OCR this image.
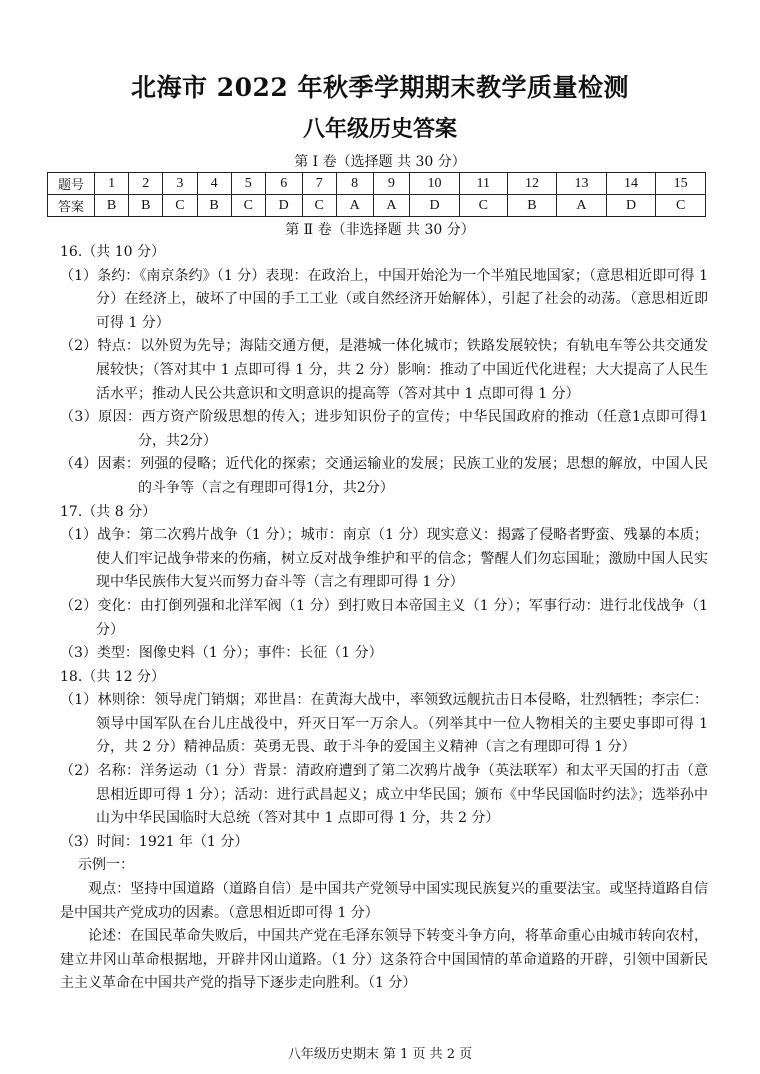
北海市 2022 年秋季学期期末教学质量检测
八年级历史答案
第 Ⅰ 卷（选择题 共 30 分）
题号	1	2	3	4	5	6	7	8	9	10	11	12	13	14	15
答案	B	B	C	B	C	D	C	A	A	D	C	B	A	D	C
第 Ⅱ 卷（非选择题 共 30 分）
16.（共 10 分）
（1）条约：《南京条约》（1 分）表现：在政治上，中国开始沦为一个半殖民地国家；（意思相近即可得 1 分）在经济上，破坏了中国的手工工业（或自然经济开始解体），引起了社会的动荡。（意思相近即可得 1 分）
（2）特点：以外贸为先导；海陆交通方便，是港城一体化城市；铁路发展较快；有轨电车等公共交通发展较快；（答对其中 1 点即可得 1 分，共 2 分）影响：推动了中国近代化进程；大大提高了人民生活水平；推动人民公共意识和文明意识的提高等（答对其中 1 点即可得 1 分）
（3）原因：西方资产阶级思想的传入；进步知识份子的宣传；中华民国政府的推动（任意1点即可得1分，共2分）
（4）因素：列强的侵略；近代化的探索；交通运输业的发展；民族工业的发展；思想的解放，中国人民的斗争等（言之有理即可得1分，共2分）
17.（共 8 分）
（1）战争：第二次鸦片战争（1 分）；城市：南京（1 分）现实意义：揭露了侵略者野蛮、残暴的本质；使人们牢记战争带来的伤痛，树立反对战争维护和平的信念；警醒人们勿忘国耻；激励中国人民实现中华民族伟大复兴而努力奋斗等（言之有理即可得 1 分）
（2）变化：由打倒列强和北洋军阀（1 分）到打败日本帝国主义（1 分）；军事行动：进行北伐战争（1 分）
（3）类型：图像史料（1 分）；事件：长征（1 分）
18.（共 12 分）
（1）林则徐：领导虎门销烟；邓世昌：在黄海大战中，率领致远舰抗击日本侵略，壮烈牺牲；李宗仁：领导中国军队在台儿庄战役中，歼灭日军一万余人。（列举其中一位人物相关的主要史事即可得 1 分，共 2 分）精神品质：英勇无畏、敢于斗争的爱国主义精神（言之有理即可得 1 分）
（2）名称：洋务运动（1 分）背景：清政府遭到了第二次鸦片战争（英法联军）和太平天国的打击（意思相近即可得 1 分）；活动：进行武昌起义；成立中华民国；颁布《中华民国临时约法》；选举孙中山为中华民国临时大总统（答对其中 1 点即可得 1 分，共 2 分）
（3）时间：1921 年（1 分）
示例一：
观点：坚持中国道路（道路自信）是中国共产党领导中国实现民族复兴的重要法宝。或坚持道路自信是中国共产党成功的因素。（意思相近即可得 1 分）
论述：在国民革命失败后，中国共产党在毛泽东领导下转变斗争方向，将革命重心由城市转向农村，建立井冈山革命根据地，开辟井冈山道路。（1 分）这条符合中国国情的革命道路的开辟，引领中国新民主主义革命在中国共产党的指导下逐步走向胜利。（1 分）
八年级历史期末 第 1 页 共 2 页
